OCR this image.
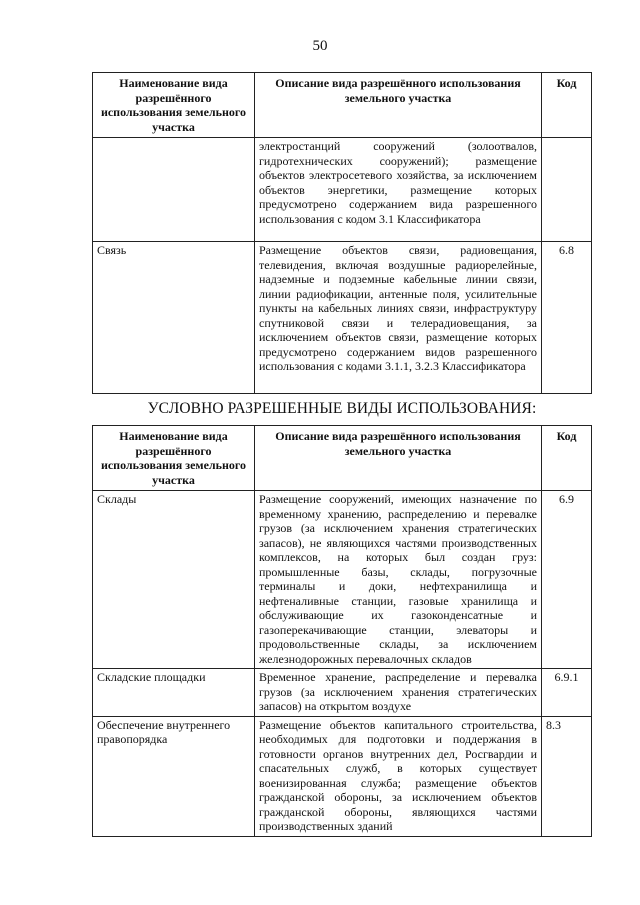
50
Наименование вида разрешённого использования земельного участка	Описание вида разрешённого использования земельного участка	Код
	электростанций сооружений (золоотвалов, гидротехнических сооружений); размещение объектов электросетевого хозяйства, за исключением объектов энергетики, размещение которых предусмотрено содержанием вида разрешенного использования с кодом 3.1 Классификатора	
Связь	Размещение объектов связи, радиовещания, телевидения, включая воздушные радиорелейные, надземные и подземные кабельные линии связи, линии радиофикации, антенные поля, усилительные пункты на кабельных линиях связи, инфраструктуру спутниковой связи и телерадиовещания, за исключением объектов связи, размещение которых предусмотрено содержанием видов разрешенного использования с кодами 3.1.1, 3.2.3 Классификатора	6.8
УСЛОВНО РАЗРЕШЕННЫЕ ВИДЫ ИСПОЛЬЗОВАНИЯ:
Наименование вида разрешённого использования земельного участка	Описание вида разрешённого использования земельного участка	Код
Склады	Размещение сооружений, имеющих назначение по временному хранению, распределению и перевалке грузов (за исключением хранения стратегических запасов), не являющихся частями производственных комплексов, на которых был создан груз: промышленные базы, склады, погрузочные терминалы и доки, нефтехранилища и нефтеналивные станции, газовые хранилища и обслуживающие их газоконденсатные и газоперекачивающие станции, элеваторы и продовольственные склады, за исключением железнодорожных перевалочных складов	6.9
Складские площадки	Временное хранение, распределение и перевалка грузов (за исключением хранения стратегических запасов) на открытом воздухе	6.9.1
Обеспечение внутреннего правопорядка	Размещение объектов капитального строительства, необходимых для подготовки и поддержания в готовности органов внутренних дел, Росгвардии и спасательных служб, в которых существует военизированная служба; размещение объектов гражданской обороны, за исключением объектов гражданской обороны, являющихся частями производственных зданий	8.3
